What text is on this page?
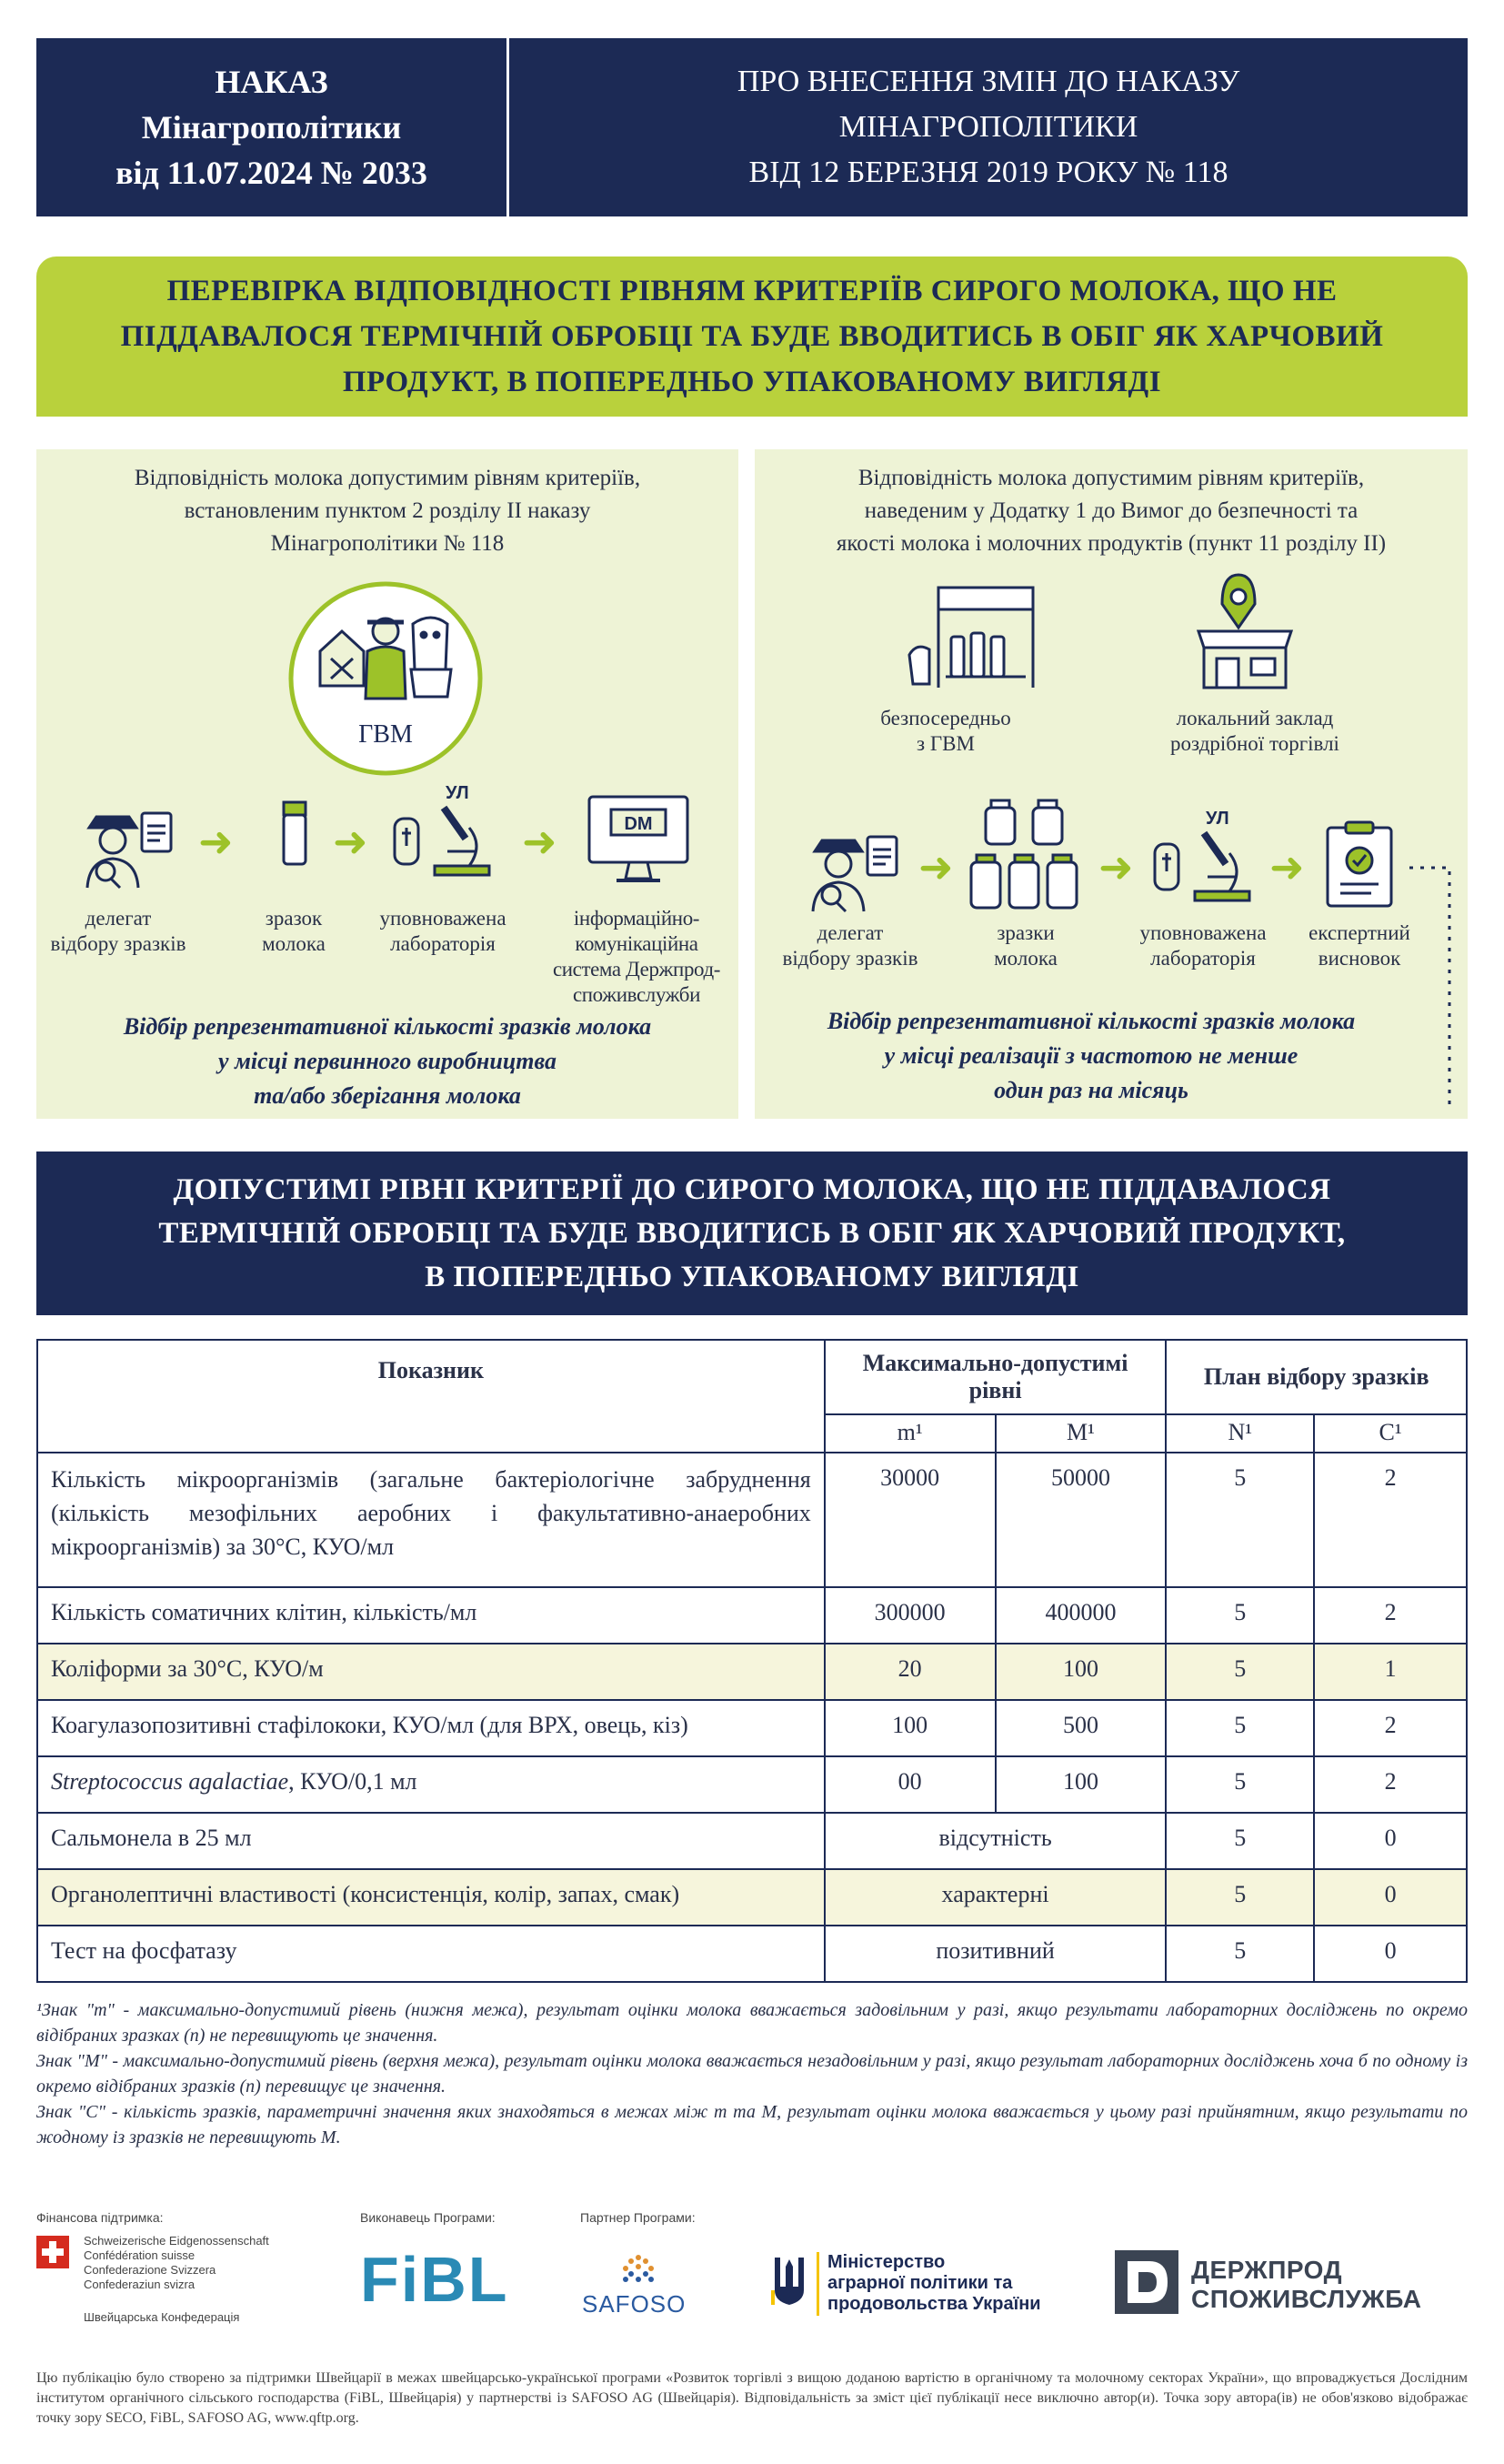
НАКАЗ
Мінагрополітики
від 11.07.2024 № 2033
ПРО ВНЕСЕННЯ ЗМІН ДО НАКАЗУ
МІНАГРОПОЛІТИКИ
ВІД 12 БЕРЕЗНЯ 2019 РОКУ № 118
ПЕРЕВІРКА ВІДПОВІДНОСТІ РІВНЯМ КРИТЕРІЇВ СИРОГО МОЛОКА, ЩО НЕ
ПІДДАВАЛОСЯ ТЕРМІЧНІЙ ОБРОБЦІ ТА БУДЕ ВВОДИТИСЬ В ОБІГ ЯК ХАРЧОВИЙ
ПРОДУКТ, В ПОПЕРЕДНЬО УПАКОВАНОМУ ВИГЛЯДІ
Відповідність молока допустимим рівням критеріїв,
встановленим пунктом 2 розділу II наказу
Мінагрополітики № 118
ГВМ
➜ ➜
УЛ
➜	DM
делегат
відбору зразків
зразок
молока
уповноважена
лабораторія
інформаційно-
комунікаційна
система Держпрод-
споживслужби
Відбір репрезентативної кількості зразків молока
у місці первинного виробництва
та/або зберігання молока
Відповідність молока допустимим рівням критеріїв,
наведеним у Додатку 1 до Вимог до безпечності та
якості молока і молочних продуктів (пункт 11 розділу II)
безпосередньо
з ГВМ
локальний заклад
роздрібної торгівлі
➜	➜
УЛ
➜
делегат
відбору зразків
зразки
молока
уповноважена
лабораторія
експертний
висновок
Відбір репрезентативної кількості зразків молока
у місці реалізації з частотою не менше
один раз на місяць
ДОПУСТИМІ РІВНІ КРИТЕРІЇ ДО СИРОГО МОЛОКА, ЩО НЕ ПІДДАВАЛОСЯ
ТЕРМІЧНІЙ ОБРОБЦІ ТА БУДЕ ВВОДИТИСЬ В ОБІГ ЯК ХАРЧОВИЙ ПРОДУКТ,
В ПОПЕРЕДНЬО УПАКОВАНОМУ ВИГЛЯДІ
Показник	Максимально-допустимі рівні		План відбору зразків	
	m¹	M¹	N¹	C¹
Кількість мікроорганізмів (загальне бактеріологічне забруднення (кількість мезофільних аеробних і факультативно-анаеробних мікроорганізмів) за 30°С, КУО/мл	30000	50000	5	2
Кількість соматичних клітин, кількість/мл	300000	400000	5	2
Коліформи за 30°С, КУО/м	20	100	5	1
Коагулазопозитивні стафілококи, КУО/мл (для ВРХ, овець, кіз)	100	500	5	2
Streptococcus agalactiae, КУО/0,1 мл	00	100	5	2
Сальмонела в 25 мл	відсутність		5	0
Органолептичні властивості (консистенція, колір, запах, смак)	характерні		5	0
Тест на фосфатазу	позитивний		5	0

¹Знак "m" - максимально-допустимий рівень (нижня межа), результат оцінки молока вважається задовільним у разі, якщо результати лабораторних досліджень по окремо відібраних зразках (n) не перевищують це значення.

Знак "M" - максимально-допустимий рівень (верхня межа), результат оцінки молока вважається незадовільним у разі, якщо результат лабораторних досліджень хоча б по одному із окремо відібраних зразків (n) перевищує це значення.

Знак "C" - кількість зразків, параметричні значення яких знаходяться в межах між m та M, результат оцінки молока вважається у цьому разі прийнятним, якщо результати по жодному із зразків не перевищують M.

Фінансова підтримка:
Schweizerische Eidgenossenschaft
Confédération suisse
Confederazione Svizzera
Confederaziun svizra
Швейцарська Конфедерація
Виконавець Програми:
FiBL
Партнер Програми:
SAFOSO
Міністерство
аграрної політики та
продовольства України
ДЕРЖПРОД
СПОЖИВСЛУЖБА
Цю публікацію було створено за підтримки Швейцарії в межах швейцарсько-української програми «Розвиток торгівлі з вищою доданою вартістю в органічному та молочному секторах України», що впроваджується Дослідним інститутом органічного сільського господарства (FiBL, Швейцарія) у партнерстві із SAFOSO AG (Швейцарія). Відповідальність за зміст цієї публікації несе виключно автор(и). Точка зору автора(ів) не обов'язково відображає точку зору SECO, FiBL, SAFOSO AG, www.qftp.org.
